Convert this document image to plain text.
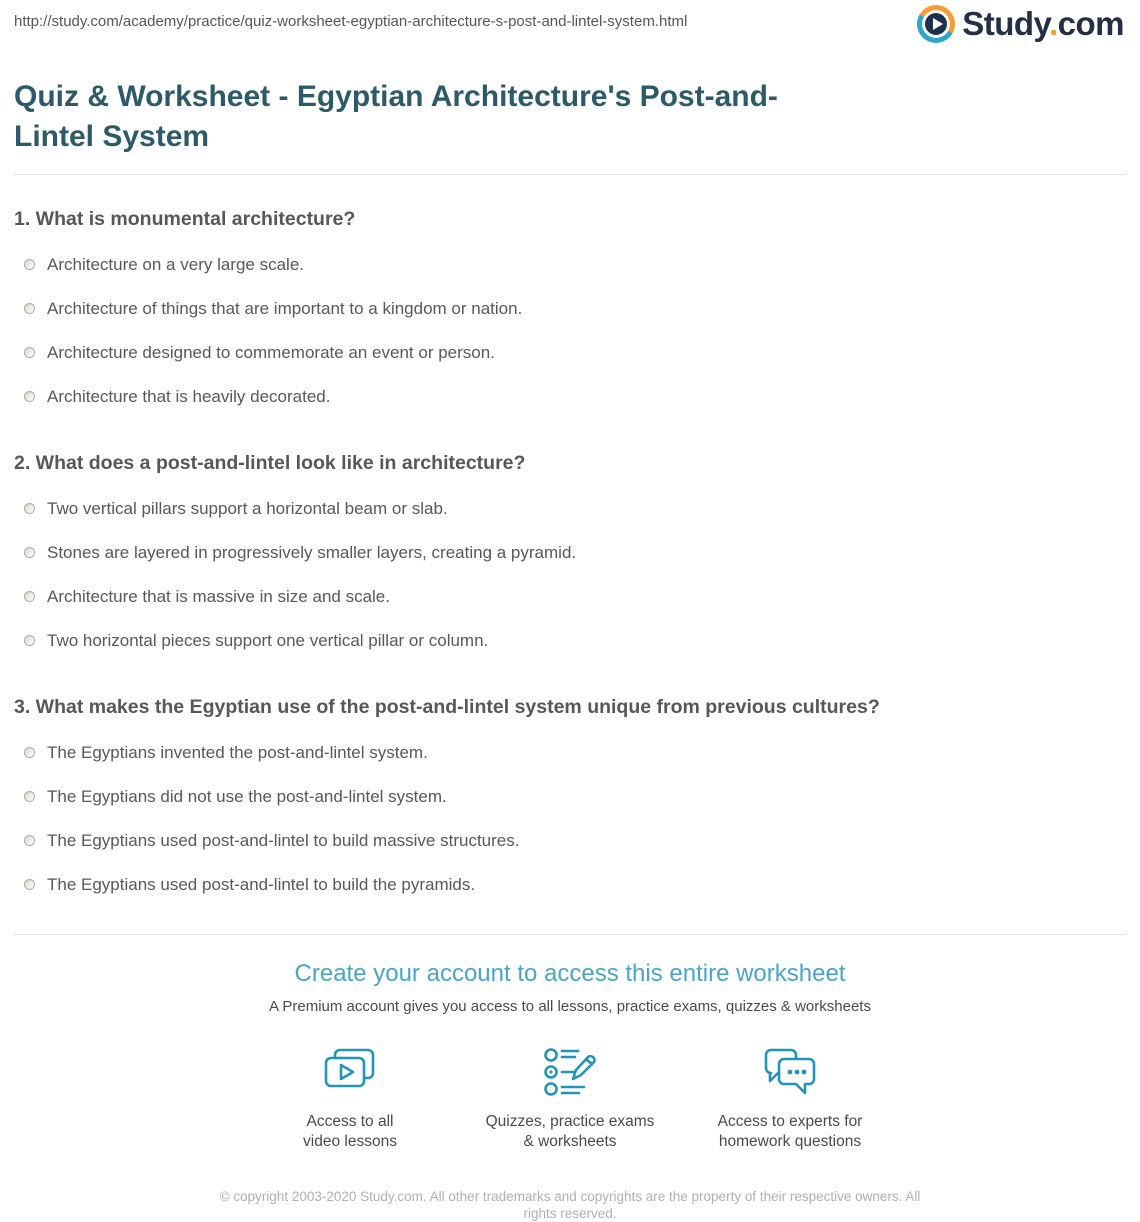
http://study.com/academy/practice/quiz-worksheet-egyptian-architecture-s-post-and-lintel-system.html	Study.com
Quiz & Worksheet - Egyptian Architecture's Post-and-Lintel System
1. What is monumental architecture?
Architecture on a very large scale.
Architecture of things that are important to a kingdom or nation.
Architecture designed to commemorate an event or person.
Architecture that is heavily decorated.
2. What does a post-and-lintel look like in architecture?
Two vertical pillars support a horizontal beam or slab.
Stones are layered in progressively smaller layers, creating a pyramid.
Architecture that is massive in size and scale.
Two horizontal pieces support one vertical pillar or column.
3. What makes the Egyptian use of the post-and-lintel system unique from previous cultures?
The Egyptians invented the post-and-lintel system.
The Egyptians did not use the post-and-lintel system.
The Egyptians used post-and-lintel to build massive structures.
The Egyptians used post-and-lintel to build the pyramids.
Create your account to access this entire worksheet

A Premium account gives you access to all lessons, practice exams, quizzes & worksheets

Access to all
video lessons
Quizzes, practice exams
& worksheets
Access to experts for
homework questions
© copyright 2003-2020 Study.com. All other trademarks and copyrights are the property of their respective owners. All rights reserved.
